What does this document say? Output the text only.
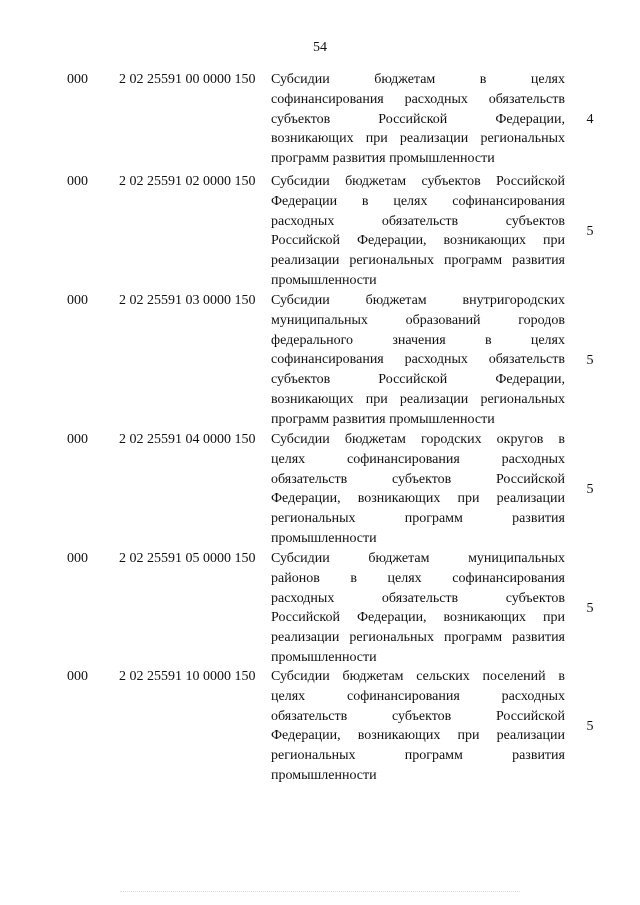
54
000 2 02 25591 00 0000 150 Субсидии бюджетам в целях
софинансирования расходных обязательств
субъектов Российской Федерации,
возникающих при реализации региональных
программ развития промышленности
4
000 2 02 25591 02 0000 150 Субсидии бюджетам субъектов Российской
Федерации в целях софинансирования
расходных обязательств субъектов
Российской Федерации, возникающих при
реализации региональных программ развития
промышленности
5
000 2 02 25591 03 0000 150 Субсидии бюджетам внутригородских
муниципальных образований городов
федерального значения в целях
софинансирования расходных обязательств
субъектов Российской Федерации,
возникающих при реализации региональных
программ развития промышленности
5
000 2 02 25591 04 0000 150 Субсидии бюджетам городских округов в
целях софинансирования расходных
обязательств субъектов Российской
Федерации, возникающих при реализации
региональных программ развития
промышленности
5
000 2 02 25591 05 0000 150 Субсидии бюджетам муниципальных
районов в целях софинансирования
расходных обязательств субъектов
Российской Федерации, возникающих при
реализации региональных программ развития
промышленности
5
000 2 02 25591 10 0000 150 Субсидии бюджетам сельских поселений в
целях софинансирования расходных
обязательств субъектов Российской
Федерации, возникающих при реализации
региональных программ развития
промышленности
5
